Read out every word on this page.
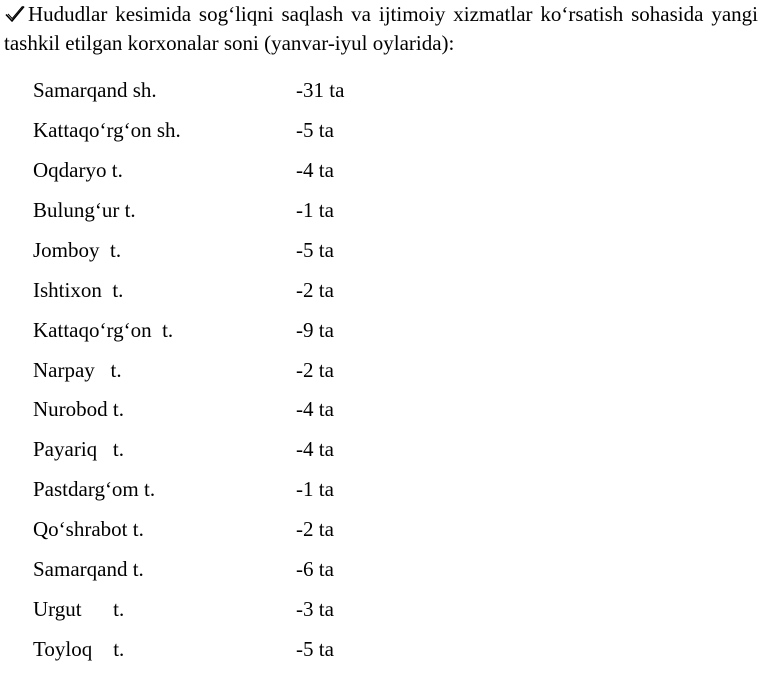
Hududlar kesimida sog‘liqni saqlash va ijtimoiy xizmatlar ko‘rsatish sohasida yangi tashkil etilgan korxonalar soni (yanvar-iyul oylarida):
Samarqand sh.	-31 ta
Kattaqo‘rg‘on sh.	-5 ta
Oqdaryo t.	-4 ta
Bulung‘ur t.	-1 ta
Jomboy  t.	-5 ta
Ishtixon  t.	-2 ta
Kattaqo‘rg‘on  t.	-9 ta
Narpay   t.	-2 ta
Nurobod t.	-4 ta
Payariq   t.	-4 ta
Pastdarg‘om t.	-1 ta
Qo‘shrabot t.	-2 ta
Samarqand t.	-6 ta
Urgut      t.	-3 ta
Toyloq    t.	-5 ta
